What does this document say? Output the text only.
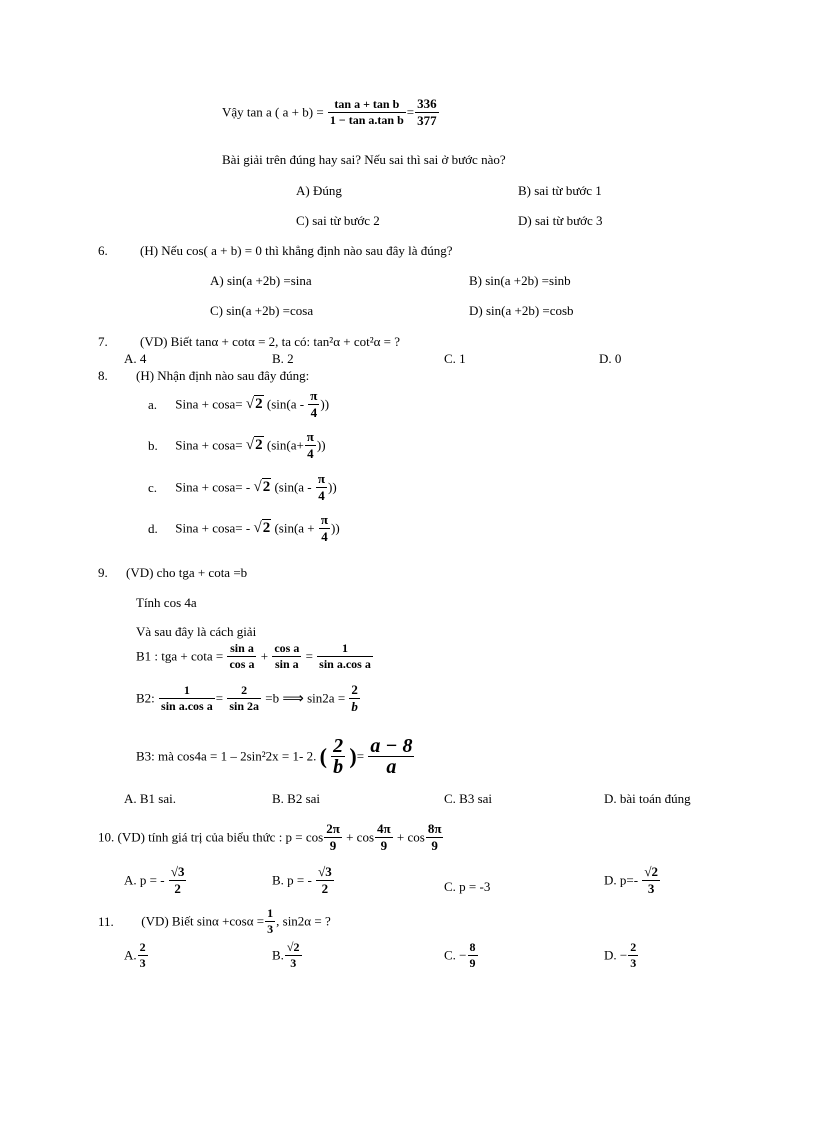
Vậy tan a ( $a + b) = \frac{\text{tan a + tan b}}{\text{1 − tan a.tan b}} = \frac{336}{377}$
Bài giải trên đúng hay sai? Nếu sai thì sai ở bước nào?
A) Đúng	B) sai từ bước 1
C) sai từ bước 2	D) sai từ bước 3
6. (H) Nếu cos( a + b) = 0 thì khẳng định nào sau đây là đúng?
A) sin(a +2b) =sina	B) sin(a +2b) =sinb
C) sin(a +2b) =cosa	D) sin(a +2b) =cosb
7. (VD) Biết tanα + cotα = 2, ta có: tan²α + cot²α = ?
A. 4	B. 2	C. 1	D. 0
8. (H) Nhận định nào sau đây đúng:
a. Sina + cosa= √2 ($\sin(a - \frac{\pi}{4}$ ))
b. Sina + cosa= √2 ($\sin(a+ \frac{\pi}{4}$ ))
c. Sina + cosa= - √2 ($\sin(a - \frac{\pi}{4}$ ))
d. Sina + cosa= - √2 ($\sin(a + \frac{\pi}{4}$ ))
9. (VD) cho tga + cota =b
Tính cos 4a
Và sau đây là cách giải
B1 : tga + $\cot a = \frac{\text{sin a}}{\text{cos a}} + \frac{\text{cos a}}{\text{sin a}} = \frac{1}{\text{sin a.cos a}}$
B2: $\frac{1}{\text{sin a.cos a}} = \frac{2}{\sin 2a} =b$ ⟹ $\sin 2a = \frac{2}{b}$
B3: mà cos4a = 1 – 2sin²2x = 1- 2. ( $\frac{2}{b}$ )= $\frac{a - 8}{a}$
A. B1 sai.	B. B2 sai	C. B3 sai	D. bài toán đúng
10. (VD) tính giá trị của biểu thức : $p = \cos \frac{2\pi}{9} + \cos \frac{4\pi}{9} + \cos \frac{8\pi}{9}$
A. p = - $\frac{√3}{2}$	B. p = - $\frac{√3}{2}$	C. p = -3	D. $p=- \frac{√2}{3}$
11. (VD) Biết $\sin\alpha +\cos\alpha = \frac{1}{3}$ , sin2α = ?
A. $\frac{2}{3}$	B. $\frac{√2}{3}$	C. − $\frac{8}{9}$	D. − $\frac{2}{3}$
